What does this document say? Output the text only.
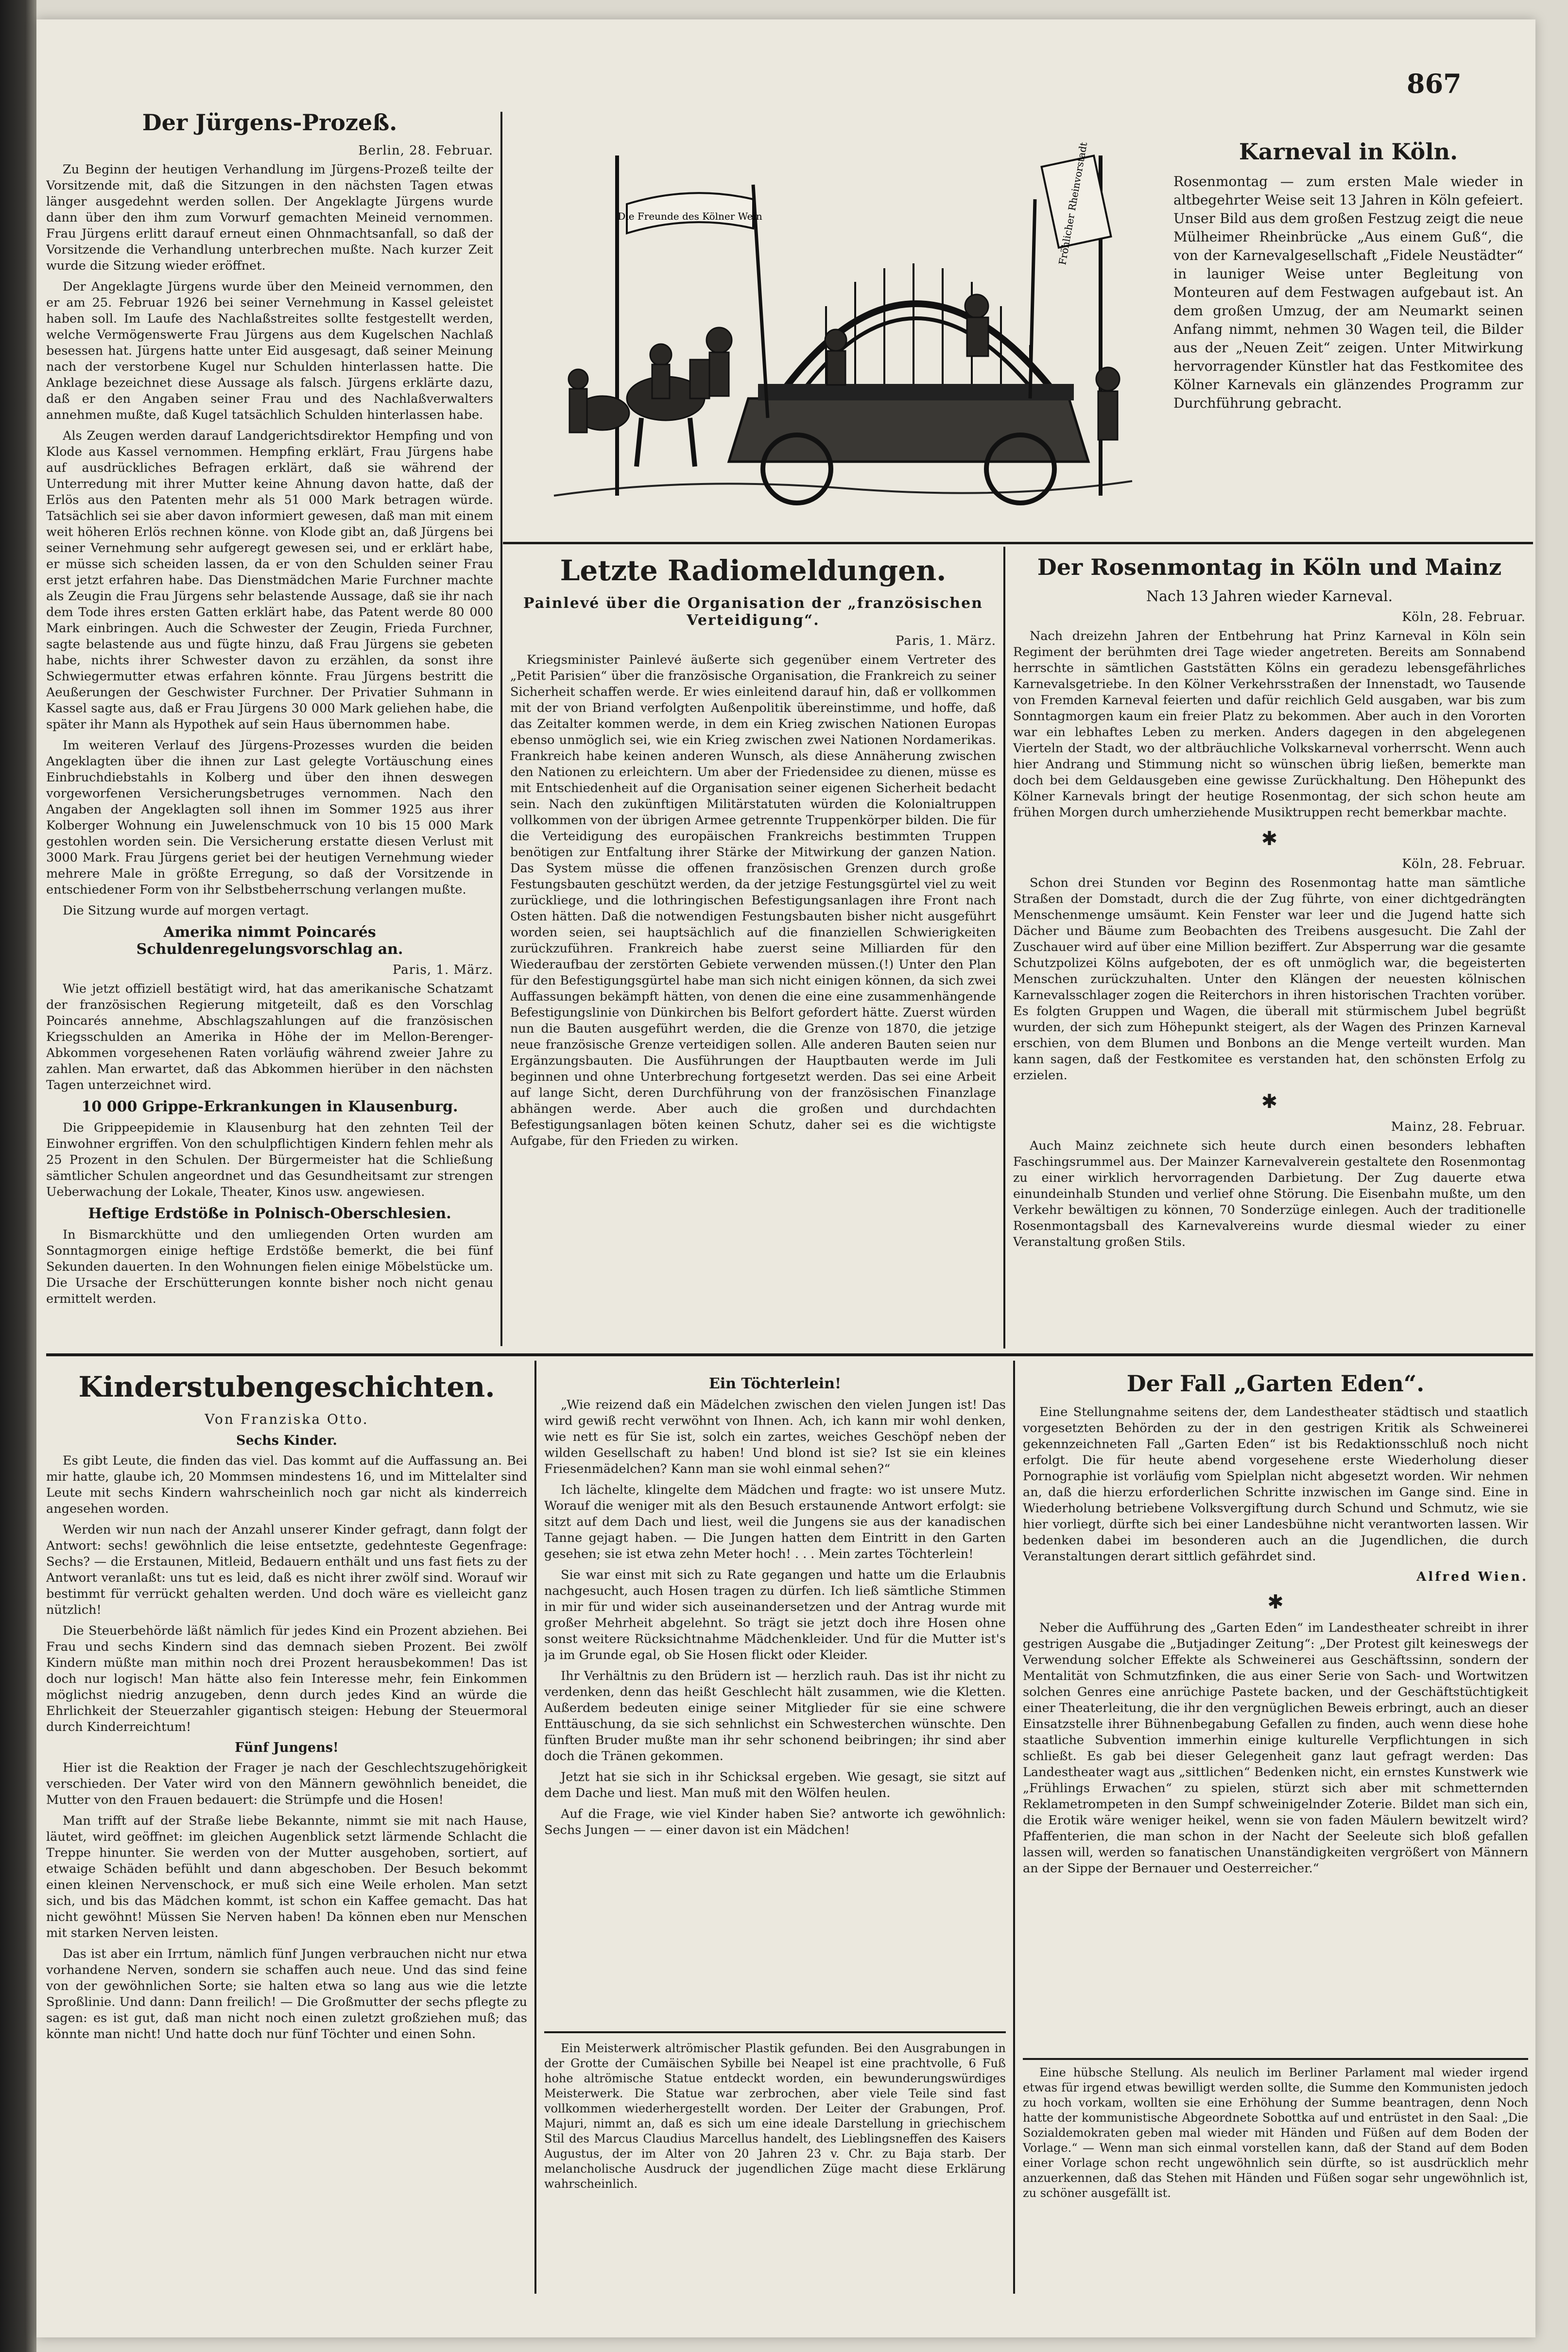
867
Der Jürgens-Prozeß.
Berlin, 28. Februar.

Zu Beginn der heutigen Verhandlung im Jürgens-Prozeß teilte der Vorsitzende mit, daß die Sitzungen in den nächsten Tagen etwas länger ausgedehnt werden sollen. Der Angeklagte Jürgens wurde dann über den ihm zum Vorwurf gemachten Meineid vernommen. Frau Jürgens erlitt darauf erneut einen Ohnmachtsanfall, so daß der Vorsitzende die Verhandlung unterbrechen mußte. Nach kurzer Zeit wurde die Sitzung wieder eröffnet.

Der Angeklagte Jürgens wurde über den Meineid vernommen, den er am 25. Februar 1926 bei seiner Vernehmung in Kassel geleistet haben soll. Im Laufe des Nachlaßstreites sollte festgestellt werden, welche Vermögenswerte Frau Jürgens aus dem Kugelschen Nachlaß besessen hat. Jürgens hatte unter Eid ausgesagt, daß seiner Meinung nach der verstorbene Kugel nur Schulden hinterlassen hatte. Die Anklage bezeichnet diese Aussage als falsch. Jürgens erklärte dazu, daß er den Angaben seiner Frau und des Nachlaßverwalters annehmen mußte, daß Kugel tatsächlich Schulden hinterlassen habe.

Als Zeugen werden darauf Landgerichtsdirektor Hempfing und von Klode aus Kassel vernommen. Hempfing erklärt, Frau Jürgens habe auf ausdrückliches Befragen erklärt, daß sie während der Unterredung mit ihrer Mutter keine Ahnung davon hatte, daß der Erlös aus den Patenten mehr als 51 000 Mark betragen würde. Tatsächlich sei sie aber davon informiert gewesen, daß man mit einem weit höheren Erlös rechnen könne. von Klode gibt an, daß Jürgens bei seiner Vernehmung sehr aufgeregt gewesen sei, und er erklärt habe, er müsse sich scheiden lassen, da er von den Schulden seiner Frau erst jetzt erfahren habe. Das Dienstmädchen Marie Furchner machte als Zeugin die Frau Jürgens sehr belastende Aussage, daß sie ihr nach dem Tode ihres ersten Gatten erklärt habe, das Patent werde 80 000 Mark einbringen. Auch die Schwester der Zeugin, Frieda Furchner, sagte belastende aus und fügte hinzu, daß Frau Jürgens sie gebeten habe, nichts ihrer Schwester davon zu erzählen, da sonst ihre Schwiegermutter etwas erfahren könnte. Frau Jürgens bestritt die Aeußerungen der Geschwister Furchner. Der Privatier Suhmann in Kassel sagte aus, daß er Frau Jürgens 30 000 Mark geliehen habe, die später ihr Mann als Hypothek auf sein Haus übernommen habe.

Im weiteren Verlauf des Jürgens-Prozesses wurden die beiden Angeklagten über die ihnen zur Last gelegte Vortäuschung eines Einbruchdiebstahls in Kolberg und über den ihnen deswegen vorgeworfenen Versicherungsbetruges vernommen. Nach den Angaben der Angeklagten soll ihnen im Sommer 1925 aus ihrer Kolberger Wohnung ein Juwelenschmuck von 10 bis 15 000 Mark gestohlen worden sein. Die Versicherung erstatte diesen Verlust mit 3000 Mark. Frau Jürgens geriet bei der heutigen Vernehmung wieder mehrere Male in größte Erregung, so daß der Vorsitzende in entschiedener Form von ihr Selbstbeherrschung verlangen mußte.

Die Sitzung wurde auf morgen vertagt.

Amerika nimmt Poincarés Schuldenregelungsvorschlag an.
Paris, 1. März.

Wie jetzt offiziell bestätigt wird, hat das amerikanische Schatzamt der französischen Regierung mitgeteilt, daß es den Vorschlag Poincarés annehme, Abschlagszahlungen auf die französischen Kriegsschulden an Amerika in Höhe der im Mellon-Berenger-Abkommen vorgesehenen Raten vorläufig während zweier Jahre zu zahlen. Man erwartet, daß das Abkommen hierüber in den nächsten Tagen unterzeichnet wird.

10 000 Grippe-Erkrankungen in Klausenburg.

Die Grippeepidemie in Klausenburg hat den zehnten Teil der Einwohner ergriffen. Von den schulpflichtigen Kindern fehlen mehr als 25 Prozent in den Schulen. Der Bürgermeister hat die Schließung sämtlicher Schulen angeordnet und das Gesundheitsamt zur strengen Ueberwachung der Lokale, Theater, Kinos usw. angewiesen.

Heftige Erdstöße in Polnisch-Oberschlesien.

In Bismarckhütte und den umliegenden Orten wurden am Sonntagmorgen einige heftige Erdstöße bemerkt, die bei fünf Sekunden dauerten. In den Wohnungen fielen einige Möbelstücke um. Die Ursache der Erschütterungen konnte bisher noch nicht genau ermittelt werden.

Die Freunde des Kölner Wein	Fröhlicher Rheinvorstadt	Karneval in Köln.

Rosenmontag — zum ersten Male wieder in altbegehrter Weise seit 13 Jahren in Köln gefeiert. Unser Bild aus dem großen Festzug zeigt die neue Mülheimer Rheinbrücke „Aus einem Guß“, die von der Karnevalgesellschaft „Fidele Neustädter“ in launiger Weise unter Begleitung von Monteuren auf dem Festwagen aufgebaut ist. An dem großen Umzug, der am Neumarkt seinen Anfang nimmt, nehmen 30 Wagen teil, die Bilder aus der „Neuen Zeit“ zeigen. Unter Mitwirkung hervorragender Künstler hat das Festkomitee des Kölner Karnevals ein glänzendes Programm zur Durchführung gebracht.

Letzte Radiomeldungen.
Painlevé über die Organisation der „französischen Verteidigung“.
Paris, 1. März.

Kriegsminister Painlevé äußerte sich gegenüber einem Vertreter des „Petit Parisien“ über die französische Organisation, die Frankreich zu seiner Sicherheit schaffen werde. Er wies einleitend darauf hin, daß er vollkommen mit der von Briand verfolgten Außenpolitik übereinstimme, und hoffe, daß das Zeitalter kommen werde, in dem ein Krieg zwischen Nationen Europas ebenso unmöglich sei, wie ein Krieg zwischen zwei Nationen Nordamerikas. Frankreich habe keinen anderen Wunsch, als diese Annäherung zwischen den Nationen zu erleichtern. Um aber der Friedensidee zu dienen, müsse es mit Entschiedenheit auf die Organisation seiner eigenen Sicherheit bedacht sein. Nach den zukünftigen Militärstatuten würden die Kolonialtruppen vollkommen von der übrigen Armee getrennte Truppenkörper bilden. Die für die Verteidigung des europäischen Frankreichs bestimmten Truppen benötigen zur Entfaltung ihrer Stärke der Mitwirkung der ganzen Nation. Das System müsse die offenen französischen Grenzen durch große Festungsbauten geschützt werden, da der jetzige Festungsgürtel viel zu weit zurückliege, und die lothringischen Befestigungsanlagen ihre Front nach Osten hätten. Daß die notwendigen Festungsbauten bisher nicht ausgeführt worden seien, sei hauptsächlich auf die finanziellen Schwierigkeiten zurückzuführen. Frankreich habe zuerst seine Milliarden für den Wiederaufbau der zerstörten Gebiete verwenden müssen.(!) Unter den Plan für den Befestigungsgürtel habe man sich nicht einigen können, da sich zwei Auffassungen bekämpft hätten, von denen die eine eine zusammenhängende Befestigungslinie von Dünkirchen bis Belfort gefordert hätte. Zuerst würden nun die Bauten ausgeführt werden, die die Grenze von 1870, die jetzige neue französische Grenze verteidigen sollen. Alle anderen Bauten seien nur Ergänzungsbauten. Die Ausführungen der Hauptbauten werde im Juli beginnen und ohne Unterbrechung fortgesetzt werden. Das sei eine Arbeit auf lange Sicht, deren Durchführung von der französischen Finanzlage abhängen werde. Aber auch die großen und durchdachten Befestigungsanlagen böten keinen Schutz, daher sei es die wichtigste Aufgabe, für den Frieden zu wirken.

Der Rosenmontag in Köln und Mainz
Nach 13 Jahren wieder Karneval.
Köln, 28. Februar.

Nach dreizehn Jahren der Entbehrung hat Prinz Karneval in Köln sein Regiment der berühmten drei Tage wieder angetreten. Bereits am Sonnabend herrschte in sämtlichen Gaststätten Kölns ein geradezu lebensgefährliches Karnevalsgetriebe. In den Kölner Verkehrsstraßen der Innenstadt, wo Tausende von Fremden Karneval feierten und dafür reichlich Geld ausgaben, war bis zum Sonntagmorgen kaum ein freier Platz zu bekommen. Aber auch in den Vororten war ein lebhaftes Leben zu merken. Anders dagegen in den abgelegenen Vierteln der Stadt, wo der altbräuchliche Volkskarneval vorherrscht. Wenn auch hier Andrang und Stimmung nicht so wünschen übrig ließen, bemerkte man doch bei dem Geldausgeben eine gewisse Zurückhaltung. Den Höhepunkt des Kölner Karnevals bringt der heutige Rosenmontag, der sich schon heute am frühen Morgen durch umherziehende Musiktruppen recht bemerkbar machte.

✱
Köln, 28. Februar.

Schon drei Stunden vor Beginn des Rosenmontag hatte man sämtliche Straßen der Domstadt, durch die der Zug führte, von einer dichtgedrängten Menschenmenge umsäumt. Kein Fenster war leer und die Jugend hatte sich Dächer und Bäume zum Beobachten des Treibens ausgesucht. Die Zahl der Zuschauer wird auf über eine Million beziffert. Zur Absperrung war die gesamte Schutzpolizei Kölns aufgeboten, der es oft unmöglich war, die begeisterten Menschen zurückzuhalten. Unter den Klängen der neuesten kölnischen Karnevalsschlager zogen die Reiterchors in ihren historischen Trachten vorüber. Es folgten Gruppen und Wagen, die überall mit stürmischem Jubel begrüßt wurden, der sich zum Höhepunkt steigert, als der Wagen des Prinzen Karneval erschien, von dem Blumen und Bonbons an die Menge verteilt wurden. Man kann sagen, daß der Festkomitee es verstanden hat, den schönsten Erfolg zu erzielen.

✱
Mainz, 28. Februar.

Auch Mainz zeichnete sich heute durch einen besonders lebhaften Faschingsrummel aus. Der Mainzer Karnevalverein gestaltete den Rosenmontag zu einer wirklich hervorragenden Darbietung. Der Zug dauerte etwa einundeinhalb Stunden und verlief ohne Störung. Die Eisenbahn mußte, um den Verkehr bewältigen zu können, 70 Sonderzüge einlegen. Auch der traditionelle Rosenmontagsball des Karnevalvereins wurde diesmal wieder zu einer Veranstaltung großen Stils.

Kinderstubengeschichten.
Von Franziska Otto.
Sechs Kinder.

Es gibt Leute, die finden das viel. Das kommt auf die Auffassung an. Bei mir hatte, glaube ich, 20 Mommsen mindestens 16, und im Mittelalter sind Leute mit sechs Kindern wahrscheinlich noch gar nicht als kinderreich angesehen worden.

Werden wir nun nach der Anzahl unserer Kinder gefragt, dann folgt der Antwort: sechs! gewöhnlich die leise entsetzte, gedehnteste Gegenfrage: Sechs? — die Erstaunen, Mitleid, Bedauern enthält und uns fast fiets zu der Antwort veranlaßt: uns tut es leid, daß es nicht ihrer zwölf sind. Worauf wir bestimmt für verrückt gehalten werden. Und doch wäre es vielleicht ganz nützlich!

Die Steuerbehörde läßt nämlich für jedes Kind ein Prozent abziehen. Bei Frau und sechs Kindern sind das demnach sieben Prozent. Bei zwölf Kindern müßte man mithin noch drei Prozent herausbekommen! Das ist doch nur logisch! Man hätte also fein Interesse mehr, fein Einkommen möglichst niedrig anzugeben, denn durch jedes Kind an würde die Ehrlichkeit der Steuerzahler gigantisch steigen: Hebung der Steuermoral durch Kinderreichtum!

Fünf Jungens!

Hier ist die Reaktion der Frager je nach der Geschlechtszugehörigkeit verschieden. Der Vater wird von den Männern gewöhnlich beneidet, die Mutter von den Frauen bedauert: die Strümpfe und die Hosen!

Man trifft auf der Straße liebe Bekannte, nimmt sie mit nach Hause, läutet, wird geöffnet: im gleichen Augenblick setzt lärmende Schlacht die Treppe hinunter. Sie werden von der Mutter ausgehoben, sortiert, auf etwaige Schäden befühlt und dann abgeschoben. Der Besuch bekommt einen kleinen Nervenschock, er muß sich eine Weile erholen. Man setzt sich, und bis das Mädchen kommt, ist schon ein Kaffee gemacht. Das hat nicht gewöhnt! Müssen Sie Nerven haben! Da können eben nur Menschen mit starken Nerven leisten.

Das ist aber ein Irrtum, nämlich fünf Jungen verbrauchen nicht nur etwa vorhandene Nerven, sondern sie schaffen auch neue. Und das sind feine von der gewöhnlichen Sorte; sie halten etwa so lang aus wie die letzte Sproßlinie. Und dann: Dann freilich! — Die Großmutter der sechs pflegte zu sagen: es ist gut, daß man nicht noch einen zuletzt großziehen muß; das könnte man nicht! Und hatte doch nur fünf Töchter und einen Sohn.

Ein Töchterlein!

„Wie reizend daß ein Mädelchen zwischen den vielen Jungen ist! Das wird gewiß recht verwöhnt von Ihnen. Ach, ich kann mir wohl denken, wie nett es für Sie ist, solch ein zartes, weiches Geschöpf neben der wilden Gesellschaft zu haben! Und blond ist sie? Ist sie ein kleines Friesenmädelchen? Kann man sie wohl einmal sehen?“

Ich lächelte, klingelte dem Mädchen und fragte: wo ist unsere Mutz. Worauf die weniger mit als den Besuch erstaunende Antwort erfolgt: sie sitzt auf dem Dach und liest, weil die Jungens sie aus der kanadischen Tanne gejagt haben. — Die Jungen hatten dem Eintritt in den Garten gesehen; sie ist etwa zehn Meter hoch! . . . Mein zartes Töchterlein!

Sie war einst mit sich zu Rate gegangen und hatte um die Erlaubnis nachgesucht, auch Hosen tragen zu dürfen. Ich ließ sämtliche Stimmen in mir für und wider sich auseinandersetzen und der Antrag wurde mit großer Mehrheit abgelehnt. So trägt sie jetzt doch ihre Hosen ohne sonst weitere Rücksichtnahme Mädchenkleider. Und für die Mutter ist's ja im Grunde egal, ob Sie Hosen flickt oder Kleider.

Ihr Verhältnis zu den Brüdern ist — herzlich rauh. Das ist ihr nicht zu verdenken, denn das heißt Geschlecht hält zusammen, wie die Kletten. Außerdem bedeuten einige seiner Mitglieder für sie eine schwere Enttäuschung, da sie sich sehnlichst ein Schwesterchen wünschte. Den fünften Bruder mußte man ihr sehr schonend beibringen; ihr sind aber doch die Tränen gekommen.

Jetzt hat sie sich in ihr Schicksal ergeben. Wie gesagt, sie sitzt auf dem Dache und liest. Man muß mit den Wölfen heulen.

Auf die Frage, wie viel Kinder haben Sie? antworte ich gewöhnlich: Sechs Jungen — — einer davon ist ein Mädchen!

Ein Meisterwerk altrömischer Plastik gefunden. Bei den Ausgrabungen in der Grotte der Cumäischen Sybille bei Neapel ist eine prachtvolle, 6 Fuß hohe altrömische Statue entdeckt worden, ein bewunderungswürdiges Meisterwerk. Die Statue war zerbrochen, aber viele Teile sind fast vollkommen wiederhergestellt worden. Der Leiter der Grabungen, Prof. Majuri, nimmt an, daß es sich um eine ideale Darstellung in griechischem Stil des Marcus Claudius Marcellus handelt, des Lieblingsneffen des Kaisers Augustus, der im Alter von 20 Jahren 23 v. Chr. zu Baja starb. Der melancholische Ausdruck der jugendlichen Züge macht diese Erklärung wahrscheinlich.

Der Fall „Garten Eden“.

Eine Stellungnahme seitens der, dem Landestheater städtisch und staatlich vorgesetzten Behörden zu der in den gestrigen Kritik als Schweinerei gekennzeichneten Fall „Garten Eden“ ist bis Redaktionsschluß noch nicht erfolgt. Die für heute abend vorgesehene erste Wiederholung dieser Pornographie ist vorläufig vom Spielplan nicht abgesetzt worden. Wir nehmen an, daß die hierzu erforderlichen Schritte inzwischen im Gange sind. Eine in Wiederholung betriebene Volksvergiftung durch Schund und Schmutz, wie sie hier vorliegt, dürfte sich bei einer Landesbühne nicht verantworten lassen. Wir bedenken dabei im besonderen auch an die Jugendlichen, die durch Veranstaltungen derart sittlich gefährdet sind.

Alfred Wien.
✱

Neber die Aufführung des „Garten Eden“ im Landestheater schreibt in ihrer gestrigen Ausgabe die „Butjadinger Zeitung“: „Der Protest gilt keineswegs der Verwendung solcher Effekte als Schweinerei aus Geschäftssinn, sondern der Mentalität von Schmutzfinken, die aus einer Serie von Sach- und Wortwitzen solchen Genres eine anrüchige Pastete backen, und der Geschäftstüchtigkeit einer Theaterleitung, die ihr den vergnüglichen Beweis erbringt, auch an dieser Einsatzstelle ihrer Bühnenbegabung Gefallen zu finden, auch wenn diese hohe staatliche Subvention immerhin einige kulturelle Verpflichtungen in sich schließt. Es gab bei dieser Gelegenheit ganz laut gefragt werden: Das Landestheater wagt aus „sittlichen“ Bedenken nicht, ein ernstes Kunstwerk wie „Frühlings Erwachen“ zu spielen, stürzt sich aber mit schmetternden Reklametrompeten in den Sumpf schweinigelnder Zoterie. Bildet man sich ein, die Erotik wäre weniger heikel, wenn sie von faden Mäulern bewitzelt wird? Pfaffenterien, die man schon in der Nacht der Seeleute sich bloß gefallen lassen will, werden so fanatischen Unanständigkeiten vergrößert von Männern an der Sippe der Bernauer und Oesterreicher.“

Eine hübsche Stellung. Als neulich im Berliner Parlament mal wieder irgend etwas für irgend etwas bewilligt werden sollte, die Summe den Kommunisten jedoch zu hoch vorkam, wollten sie eine Erhöhung der Summe beantragen, denn Noch hatte der kommunistische Abgeordnete Sobottka auf und entrüstet in den Saal: „Die Sozialdemokraten geben mal wieder mit Händen und Füßen auf dem Boden der Vorlage.“ — Wenn man sich einmal vorstellen kann, daß der Stand auf dem Boden einer Vorlage schon recht ungewöhnlich sein dürfte, so ist ausdrücklich mehr anzuerkennen, daß das Stehen mit Händen und Füßen sogar sehr ungewöhnlich ist, zu schöner ausgefällt ist.
